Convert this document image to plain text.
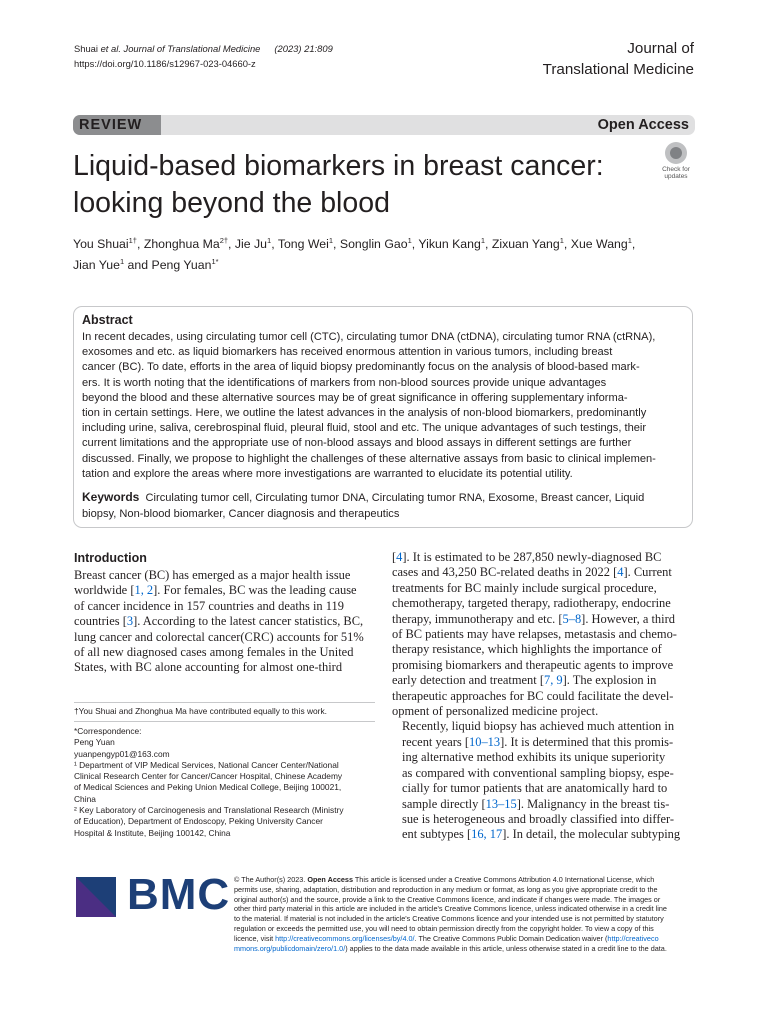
Shuai et al. Journal of Translational Medicine (2023) 21:809
https://doi.org/10.1186/s12967-023-04660-z
Journal of
Translational Medicine
REVIEW	Open Access
Check for
updates
Liquid-based biomarkers in breast cancer:
looking beyond the blood
You Shuai$^{1\dagger}$, Zhonghua $Ma^{2\dagger}$, Jie Ju$^1$, Tong Wei$^1$, Songlin Gao$^1$, Yikun Kang$^1$, Zixuan Yang$^1$, Xue Wang$^1$,
Jian Yue$^1$ and Peng Yuan$^{1*}$
Abstract
In recent decades, using circulating tumor cell (CTC), circulating tumor DNA (ctDNA), circulating tumor RNA (ctRNA),
exosomes and etc. as liquid biomarkers has received enormous attention in various tumors, including breast
cancer (BC). To date, efforts in the area of liquid biopsy predominantly focus on the analysis of blood-based mark-
ers. It is worth noting that the identifications of markers from non-blood sources provide unique advantages
beyond the blood and these alternative sources may be of great significance in offering supplementary informa-
tion in certain settings. Here, we outline the latest advances in the analysis of non-blood biomarkers, predominantly
including urine, saliva, cerebrospinal fluid, pleural fluid, stool and etc. The unique advantages of such testings, their
current limitations and the appropriate use of non-blood assays and blood assays in different settings are further
discussed. Finally, we propose to highlight the challenges of these alternative assays from basic to clinical implemen-
tation and explore the areas where more investigations are warranted to elucidate its potential utility.
Keywords Circulating tumor cell, Circulating tumor DNA, Circulating tumor RNA, Exosome, Breast cancer, Liquid
biopsy, Non-blood biomarker, Cancer diagnosis and therapeutics
Introduction
Breast cancer (BC) has emerged as a major health issue
worldwide [1, 2]. For females, BC was the leading cause
of cancer incidence in 157 countries and deaths in 119
countries [3]. According to the latest cancer statistics, BC,
lung cancer and colorectal cancer(CRC) accounts for 51%
of all new diagnosed cases among females in the United
States, with BC alone accounting for almost one-third

[4]. It is estimated to be 287,850 newly-diagnosed BC
cases and 43,250 BC-related deaths in 2022 [4]. Current
treatments for BC mainly include surgical procedure,
chemotherapy, targeted therapy, radiotherapy, endocrine
therapy, immunotherapy and etc. [5–8]. However, a third
of BC patients may have relapses, metastasis and chemo-
therapy resistance, which highlights the importance of
promising biomarkers and therapeutic agents to improve
early detection and treatment [7, 9]. The explosion in
therapeutic approaches for BC could facilitate the devel-
opment of personalized medicine project.

Recently, liquid biopsy has achieved much attention in
recent years [10–13]. It is determined that this promis-
ing alternative method exhibits its unique superiority
as compared with conventional sampling biopsy, espe-
cially for tumor patients that are anatomically hard to
sample directly [13–15]. Malignancy in the breast tis-
sue is heterogeneous and broadly classified into differ-
ent subtypes [16, 17]. In detail, the molecular subtyping

†You Shuai and Zhonghua Ma have contributed equally to this work.
*Correspondence:
Peng Yuan
yuanpengyp01@163.com
¹ Department of VIP Medical Services, National Cancer Center/National
Clinical Research Center for Cancer/Cancer Hospital, Chinese Academy
of Medical Sciences and Peking Union Medical College, Beijing 100021,
China
² Key Laboratory of Carcinogenesis and Translational Research (Ministry
of Education), Department of Endoscopy, Peking University Cancer
Hospital & Institute, Beijing 100142, China
BMC © The Author(s) 2023. Open Access This article is licensed under a Creative Commons Attribution 4.0 International License, which
permits use, sharing, adaptation, distribution and reproduction in any medium or format, as long as you give appropriate credit to the
original author(s) and the source, provide a link to the Creative Commons licence, and indicate if changes were made. The images or
other third party material in this article are included in the article's Creative Commons licence, unless indicated otherwise in a credit line
to the material. If material is not included in the article's Creative Commons licence and your intended use is not permitted by statutory
regulation or exceeds the permitted use, you will need to obtain permission directly from the copyright holder. To view a copy of this
licence, visit http://creativecommons.org/licenses/by/4.0/. The Creative Commons Public Domain Dedication waiver (http://creativeco
mmons.org/publicdomain/zero/1.0/) applies to the data made available in this article, unless otherwise stated in a credit line to the data.
